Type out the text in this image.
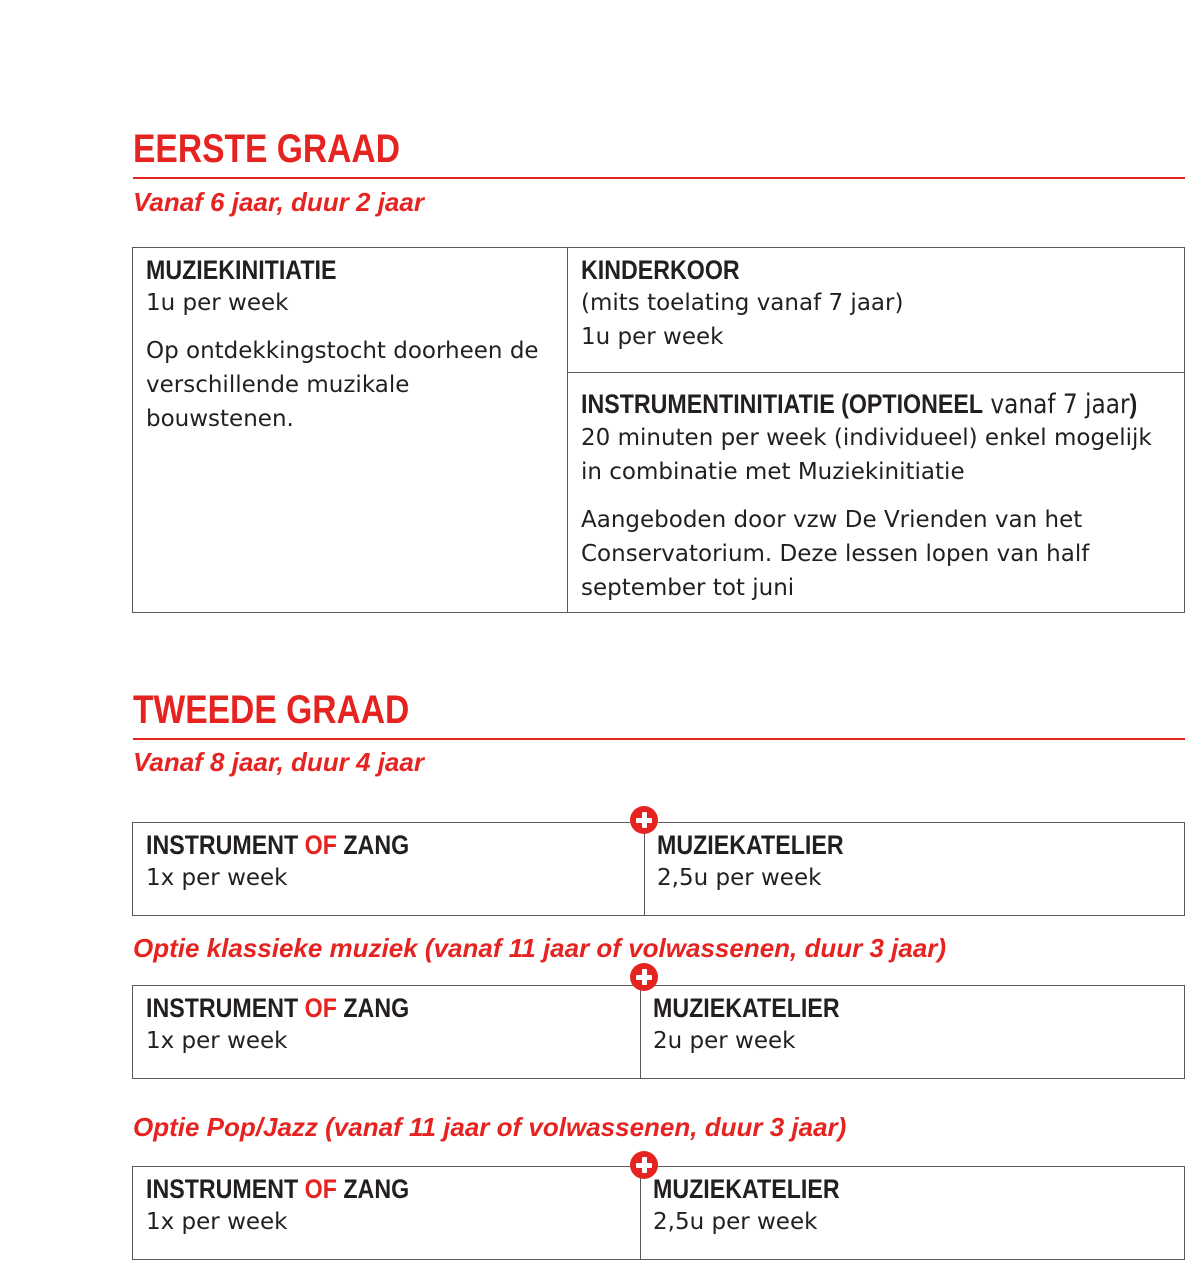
EERSTE GRAAD

Vanaf 6 jaar, duur 2 jaar

MUZIEKINITIATIE
1u per week
Op ontdekkingstocht doorheen de verschillende muzikale bouwstenen.
KINDERKOOR
(mits toelating vanaf 7 jaar)
1u per week
INSTRUMENTINITIATIE (OPTIONEEL vanaf 7 jaar)
20 minuten per week (individueel) enkel mogelijk in combinatie met Muziekinitiatie
Aangeboden door vzw De Vrienden van het Conservatorium. Deze lessen lopen van half september tot juni
TWEEDE GRAAD

Vanaf 8 jaar, duur 4 jaar

INSTRUMENT OF ZANG
1x per week
MUZIEKATELIER
2,5u per week

Optie klassieke muziek (vanaf 11 jaar of volwassenen, duur 3 jaar)

INSTRUMENT OF ZANG
1x per week
MUZIEKATELIER
2u per week

Optie Pop/Jazz (vanaf 11 jaar of volwassenen, duur 3 jaar)

INSTRUMENT OF ZANG
1x per week
MUZIEKATELIER
2,5u per week
